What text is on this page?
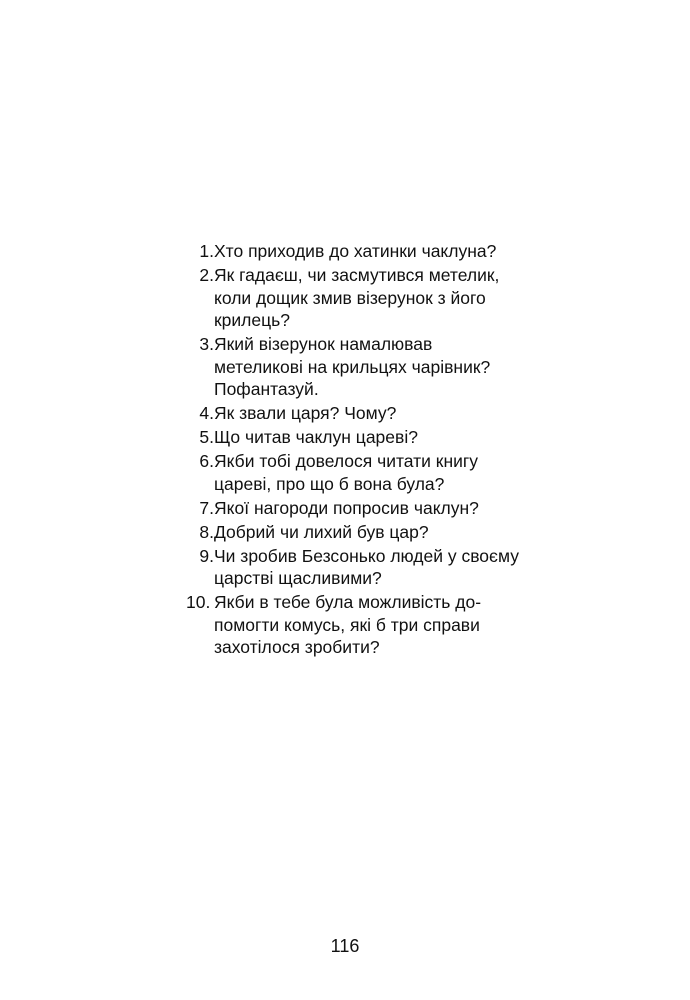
1. Хто приходив до хатинки чаклуна?
2. Як гадаєш, чи засмутився метелик,
коли дощик змив візерунок з його
крилець?
3. Який візерунок намалював
метеликові на крильцях чарівник?
Пофантазуй.
4. Як звали царя? Чому?
5. Що читав чаклун цареві?
6. Якби тобі довелося читати книгу
цареві, про що б вона була?
7. Якої нагороди попросив чаклун?
8. Добрий чи лихий був цар?
9. Чи зробив Безсонько людей у своєму
царстві щасливими?
10. Якби в тебе була можливість до-
помогти комусь, які б три справи
захотілося зробити?
116
